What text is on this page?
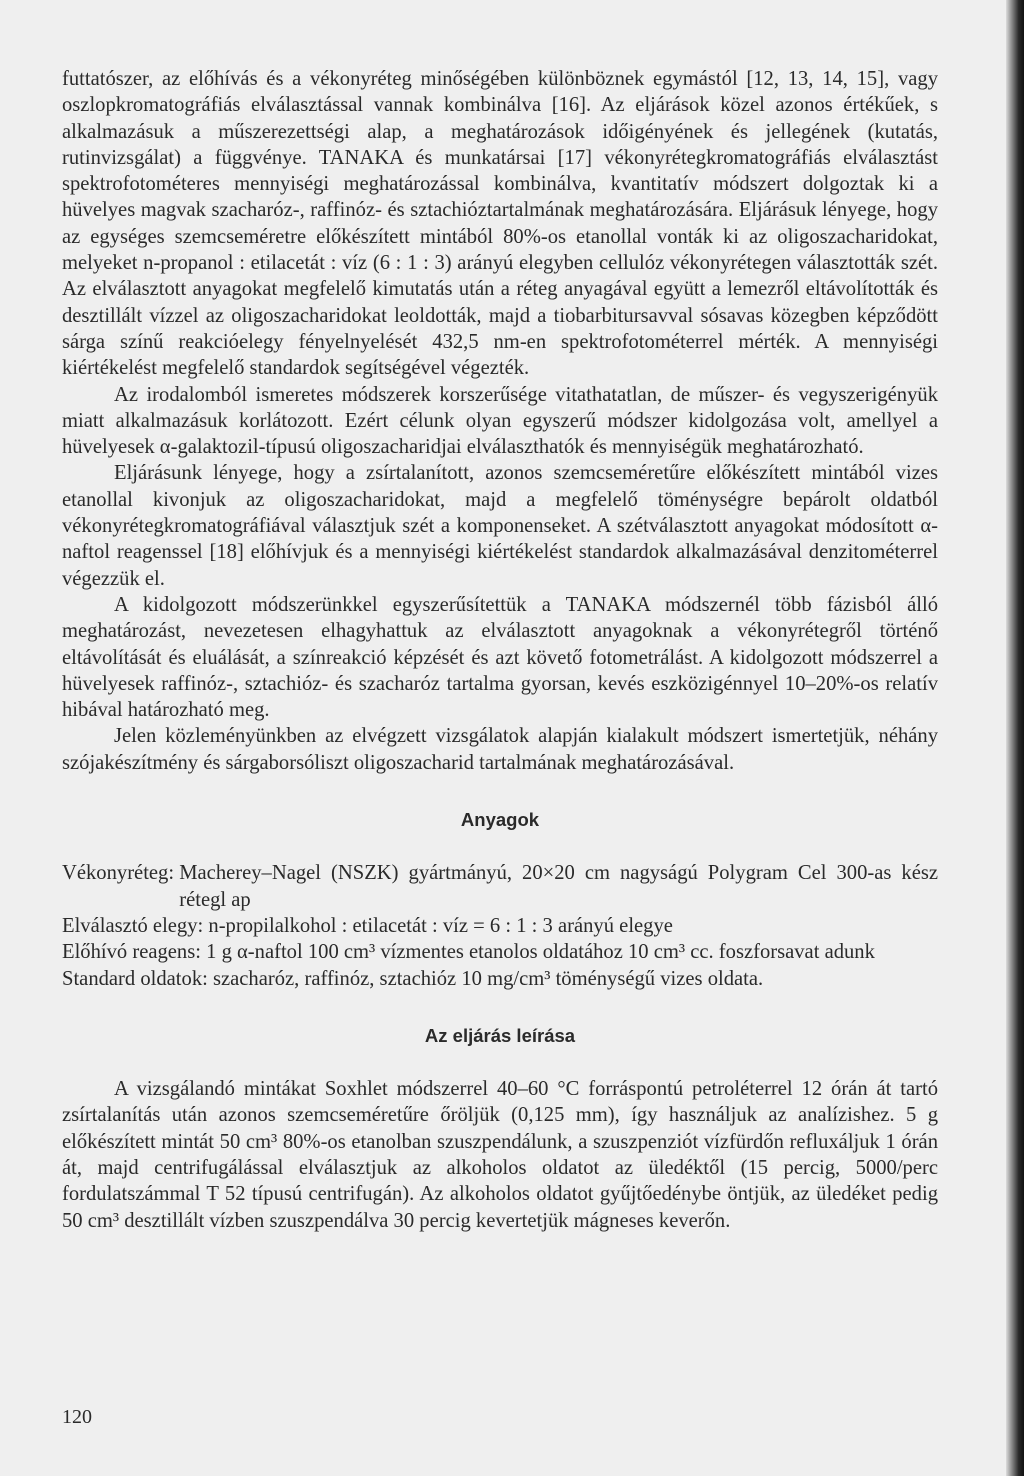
futtatószer, az előhívás és a vékonyréteg minőségében különböznek egymástól [12, 13, 14, 15], vagy oszlopkromatográfiás elválasztással vannak kombinálva [16]. Az eljárások közel azonos értékűek, s alkalmazásuk a műszerezettségi alap, a meghatározások időigényének és jellegének (kutatás, rutinvizsgálat) a függvénye. TANAKA és munkatársai [17] vékonyrétegkromatográfiás elválasztást spektrofotométeres mennyiségi meghatározással kombinálva, kvantitatív módszert dolgoztak ki a hüvelyes magvak szacharóz-, raffinóz- és sztachióztartalmának meghatározására. Eljárásuk lényege, hogy az egységes szemcseméretre előkészített mintából 80%-os etanollal vonták ki az oligoszacharidokat, melyeket n-propanol : etilacetát : víz (6 : 1 : 3) arányú elegyben cellulóz vékonyrétegen választották szét. Az elválasztott anyagokat megfelelő kimutatás után a réteg anyagával együtt a lemezről eltávolították és desztillált vízzel az oligoszacharidokat leoldották, majd a tiobarbitursavval sósavas közegben képződött sárga színű reakcióelegy fényelnyelését 432,5 nm-en spektrofotométerrel mérték. A mennyiségi kiértékelést megfelelő standardok segítségével végezték.

Az irodalomból ismeretes módszerek korszerűsége vitathatatlan, de műszer- és vegyszerigényük miatt alkalmazásuk korlátozott. Ezért célunk olyan egyszerű módszer kidolgozása volt, amellyel a hüvelyesek α-galaktozil-típusú oligoszacharidjai elválaszthatók és mennyiségük meghatározható.

Eljárásunk lényege, hogy a zsírtalanított, azonos szemcseméretűre előkészített mintából vizes etanollal kivonjuk az oligoszacharidokat, majd a megfelelő töménységre bepárolt oldatból vékonyrétegkromatográfiával választjuk szét a komponenseket. A szétválasztott anyagokat módosított α-naftol reagenssel [18] előhívjuk és a mennyiségi kiértékelést standardok alkalmazásával denzitométerrel végezzük el.

A kidolgozott módszerünkkel egyszerűsítettük a TANAKA módszernél több fázisból álló meghatározást, nevezetesen elhagyhattuk az elválasztott anyagoknak a vékonyrétegről történő eltávolítását és eluálását, a színreakció képzését és azt követő fotometrálást. A kidolgozott módszerrel a hüvelyesek raffinóz-, sztachióz- és szacharóz tartalma gyorsan, kevés eszközigénnyel 10–20%-os relatív hibával határozható meg.

Jelen közleményünkben az elvégzett vizsgálatok alapján kialakult módszert ismertetjük, néhány szójakészítmény és sárgaborsóliszt oligoszacharid tartalmának meghatározásával.

Anyagok
Vékonyréteg: Macherey–Nagel (NSZK) gyártmányú, 20×20 cm nagyságú Polygram Cel 300-as kész rétegl ap
Elválasztó elegy: n-propilalkohol : etilacetát : víz = 6 : 1 : 3 arányú elegye
Előhívó reagens: 1 g α-naftol 100 cm³ vízmentes etanolos oldatához 10 cm³ cc. foszforsavat adunk
Standard oldatok: szacharóz, raffinóz, sztachióz 10 mg/cm³ töménységű vizes oldata.
Az eljárás leírása

A vizsgálandó mintákat Soxhlet módszerrel 40–60 °C forráspontú petroléterrel 12 órán át tartó zsírtalanítás után azonos szemcseméretűre őröljük (0,125 mm), így használjuk az analízishez. 5 g előkészített mintát 50 cm³ 80%-os etanolban szuszpendálunk, a szuszpenziót vízfürdőn refluxáljuk 1 órán át, majd centrifugálással elválasztjuk az alkoholos oldatot az üledéktől (15 percig, 5000/perc fordulatszámmal T 52 típusú centrifugán). Az alkoholos oldatot gyűjtőedénybe öntjük, az üledéket pedig 50 cm³ desztillált vízben szuszpendálva 30 percig kevertetjük mágneses keverőn.

120
